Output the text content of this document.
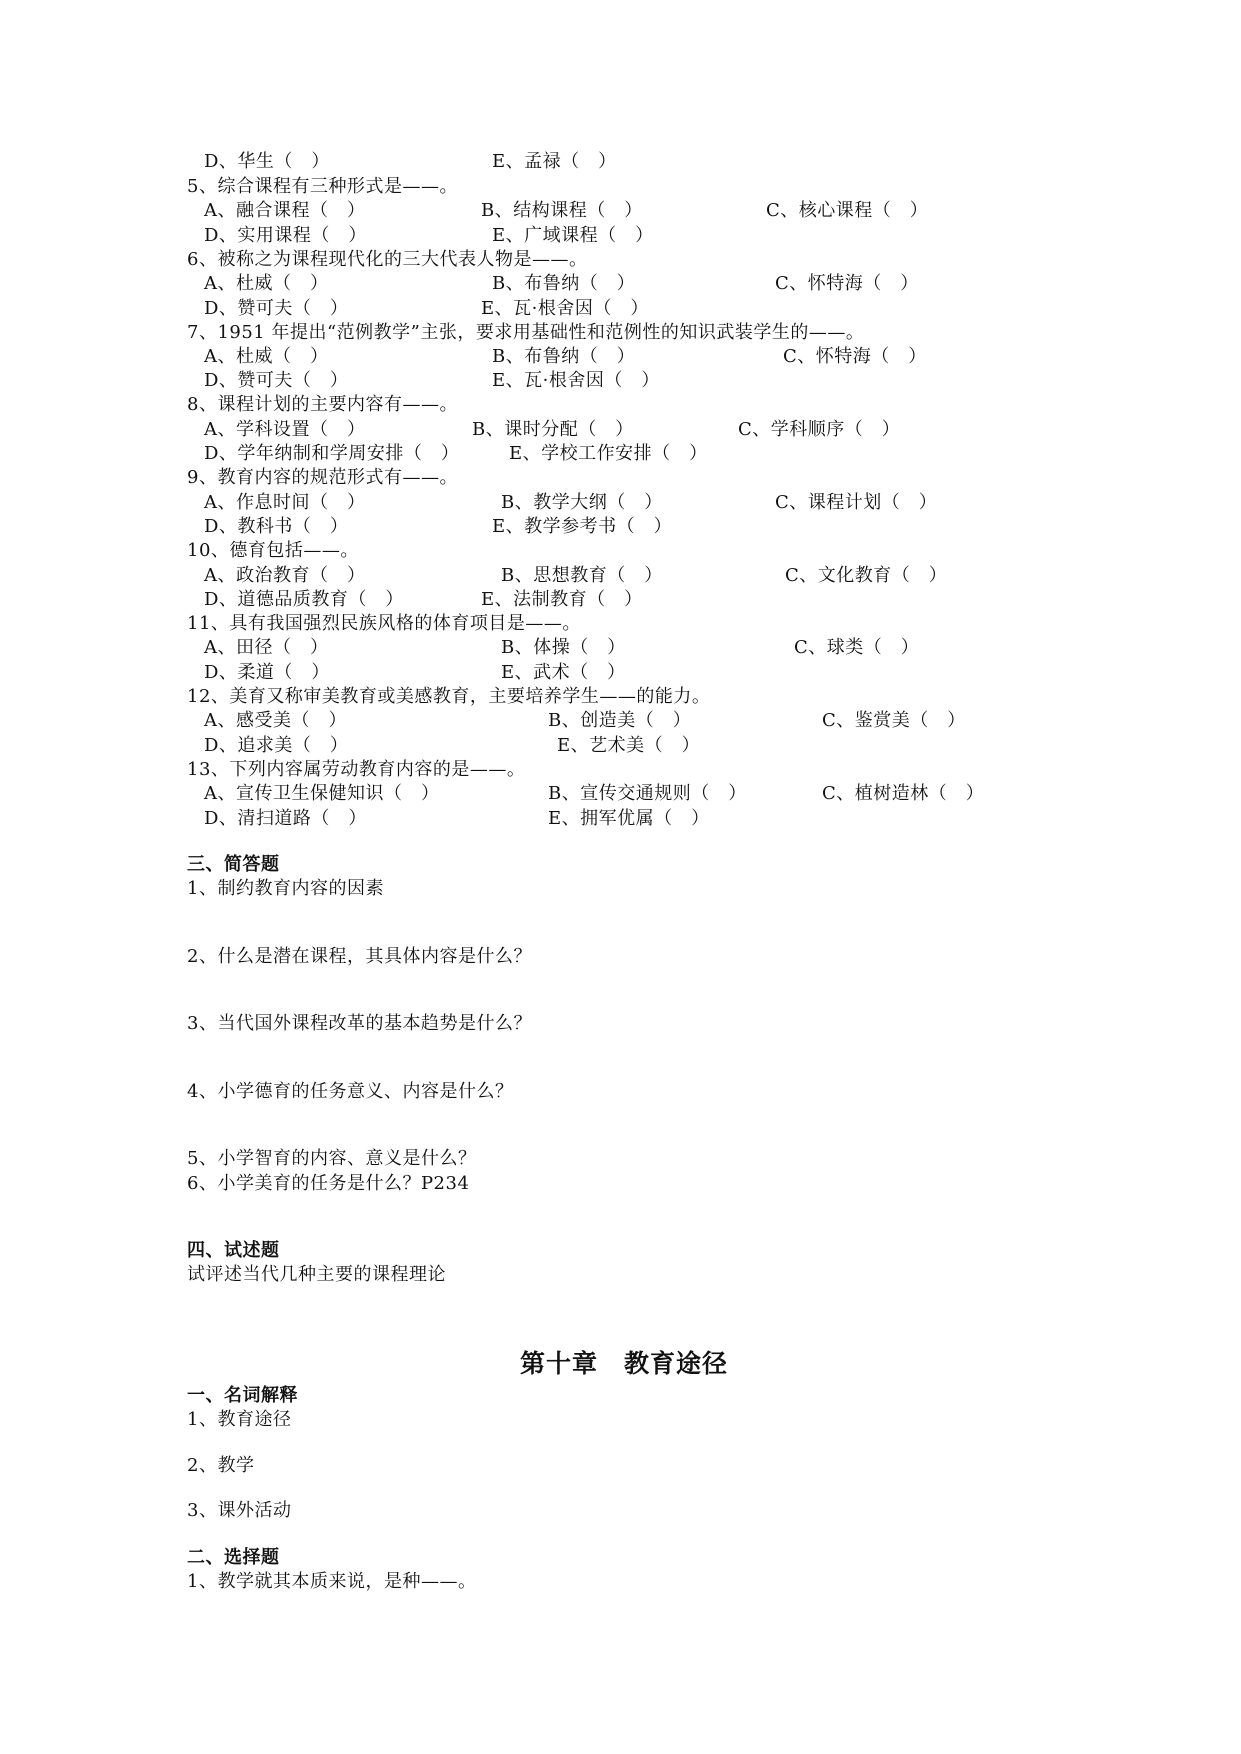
D、华生（　）	E、孟禄（　）
5、综合课程有三种形式是——。
A、融合课程（　）	B、结构课程（　）	C、核心课程（　）
D、实用课程（　）	E、广域课程（　）
6、被称之为课程现代化的三大代表人物是——。
A、杜威（　）	B、布鲁纳（　）	C、怀特海（　）
D、赞可夫（　）	E、瓦·根舍因（　）
7、1951 年提出“范例教学”主张，要求用基础性和范例性的知识武装学生的——。
A、杜威（　）	B、布鲁纳（　）	C、怀特海（　）
D、赞可夫（　）	E、瓦·根舍因（　）
8、课程计划的主要内容有——。
A、学科设置（　）	B、课时分配（　）	C、学科顺序（　）
D、学年纳制和学周安排（　）	E、学校工作安排（　）
9、教育内容的规范形式有——。
A、作息时间（　）	B、教学大纲（　）	C、课程计划（　）
D、教科书（　）	E、教学参考书（　）
10、德育包括——。
A、政治教育（　）	B、思想教育（　）	C、文化教育（　）
D、道德品质教育（　）	E、法制教育（　）
11、具有我国强烈民族风格的体育项目是——。
A、田径（　）	B、体操（　）	C、球类（　）
D、柔道（　）	E、武术（　）
12、美育又称审美教育或美感教育，主要培养学生——的能力。
A、感受美（　）	B、创造美（　）	C、鉴赏美（　）
D、追求美（　）	E、艺术美（　）
13、下列内容属劳动教育内容的是——。
A、宣传卫生保健知识（　）	B、宣传交通规则（　）	C、植树造林（　）
D、清扫道路（　）	E、拥军优属（　）
三、简答题
1、制约教育内容的因素
2、什么是潜在课程，其具体内容是什么？
3、当代国外课程改革的基本趋势是什么？
4、小学德育的任务意义、内容是什么？
5、小学智育的内容、意义是什么？
6、小学美育的任务是什么？P234
四、试述题
试评述当代几种主要的课程理论
第十章　教育途径
一、名词解释
1、教育途径
2、教学
3、课外活动
二、选择题
1、教学就其本质来说，是种——。
